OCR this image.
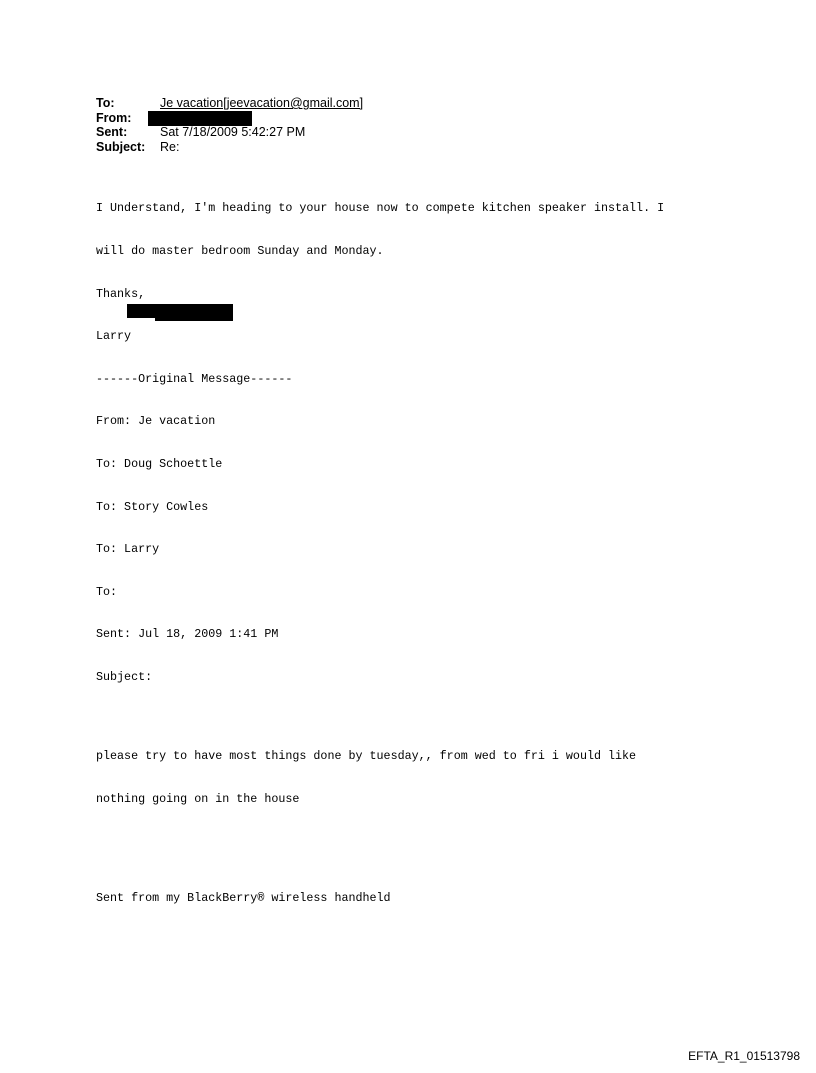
To:	Je vacation[jeevacation@gmail.com]
From:
Sent:	Sat 7/18/2009 5:42:27 PM
Subject:	Re:

I Understand, I'm heading to your house now to compete kitchen speaker install. I

will do master bedroom Sunday and Monday.

Thanks,

Larry

------Original Message------

From: Je vacation

To: Doug Schoettle

To: Story Cowles

To: Larry

To:

Sent: Jul 18, 2009 1:41 PM

Subject:

please try to have most things done by tuesday,, from wed to fri i would like

nothing going on in the house

Sent from my BlackBerry® wireless handheld

EFTA_R1_01513798
